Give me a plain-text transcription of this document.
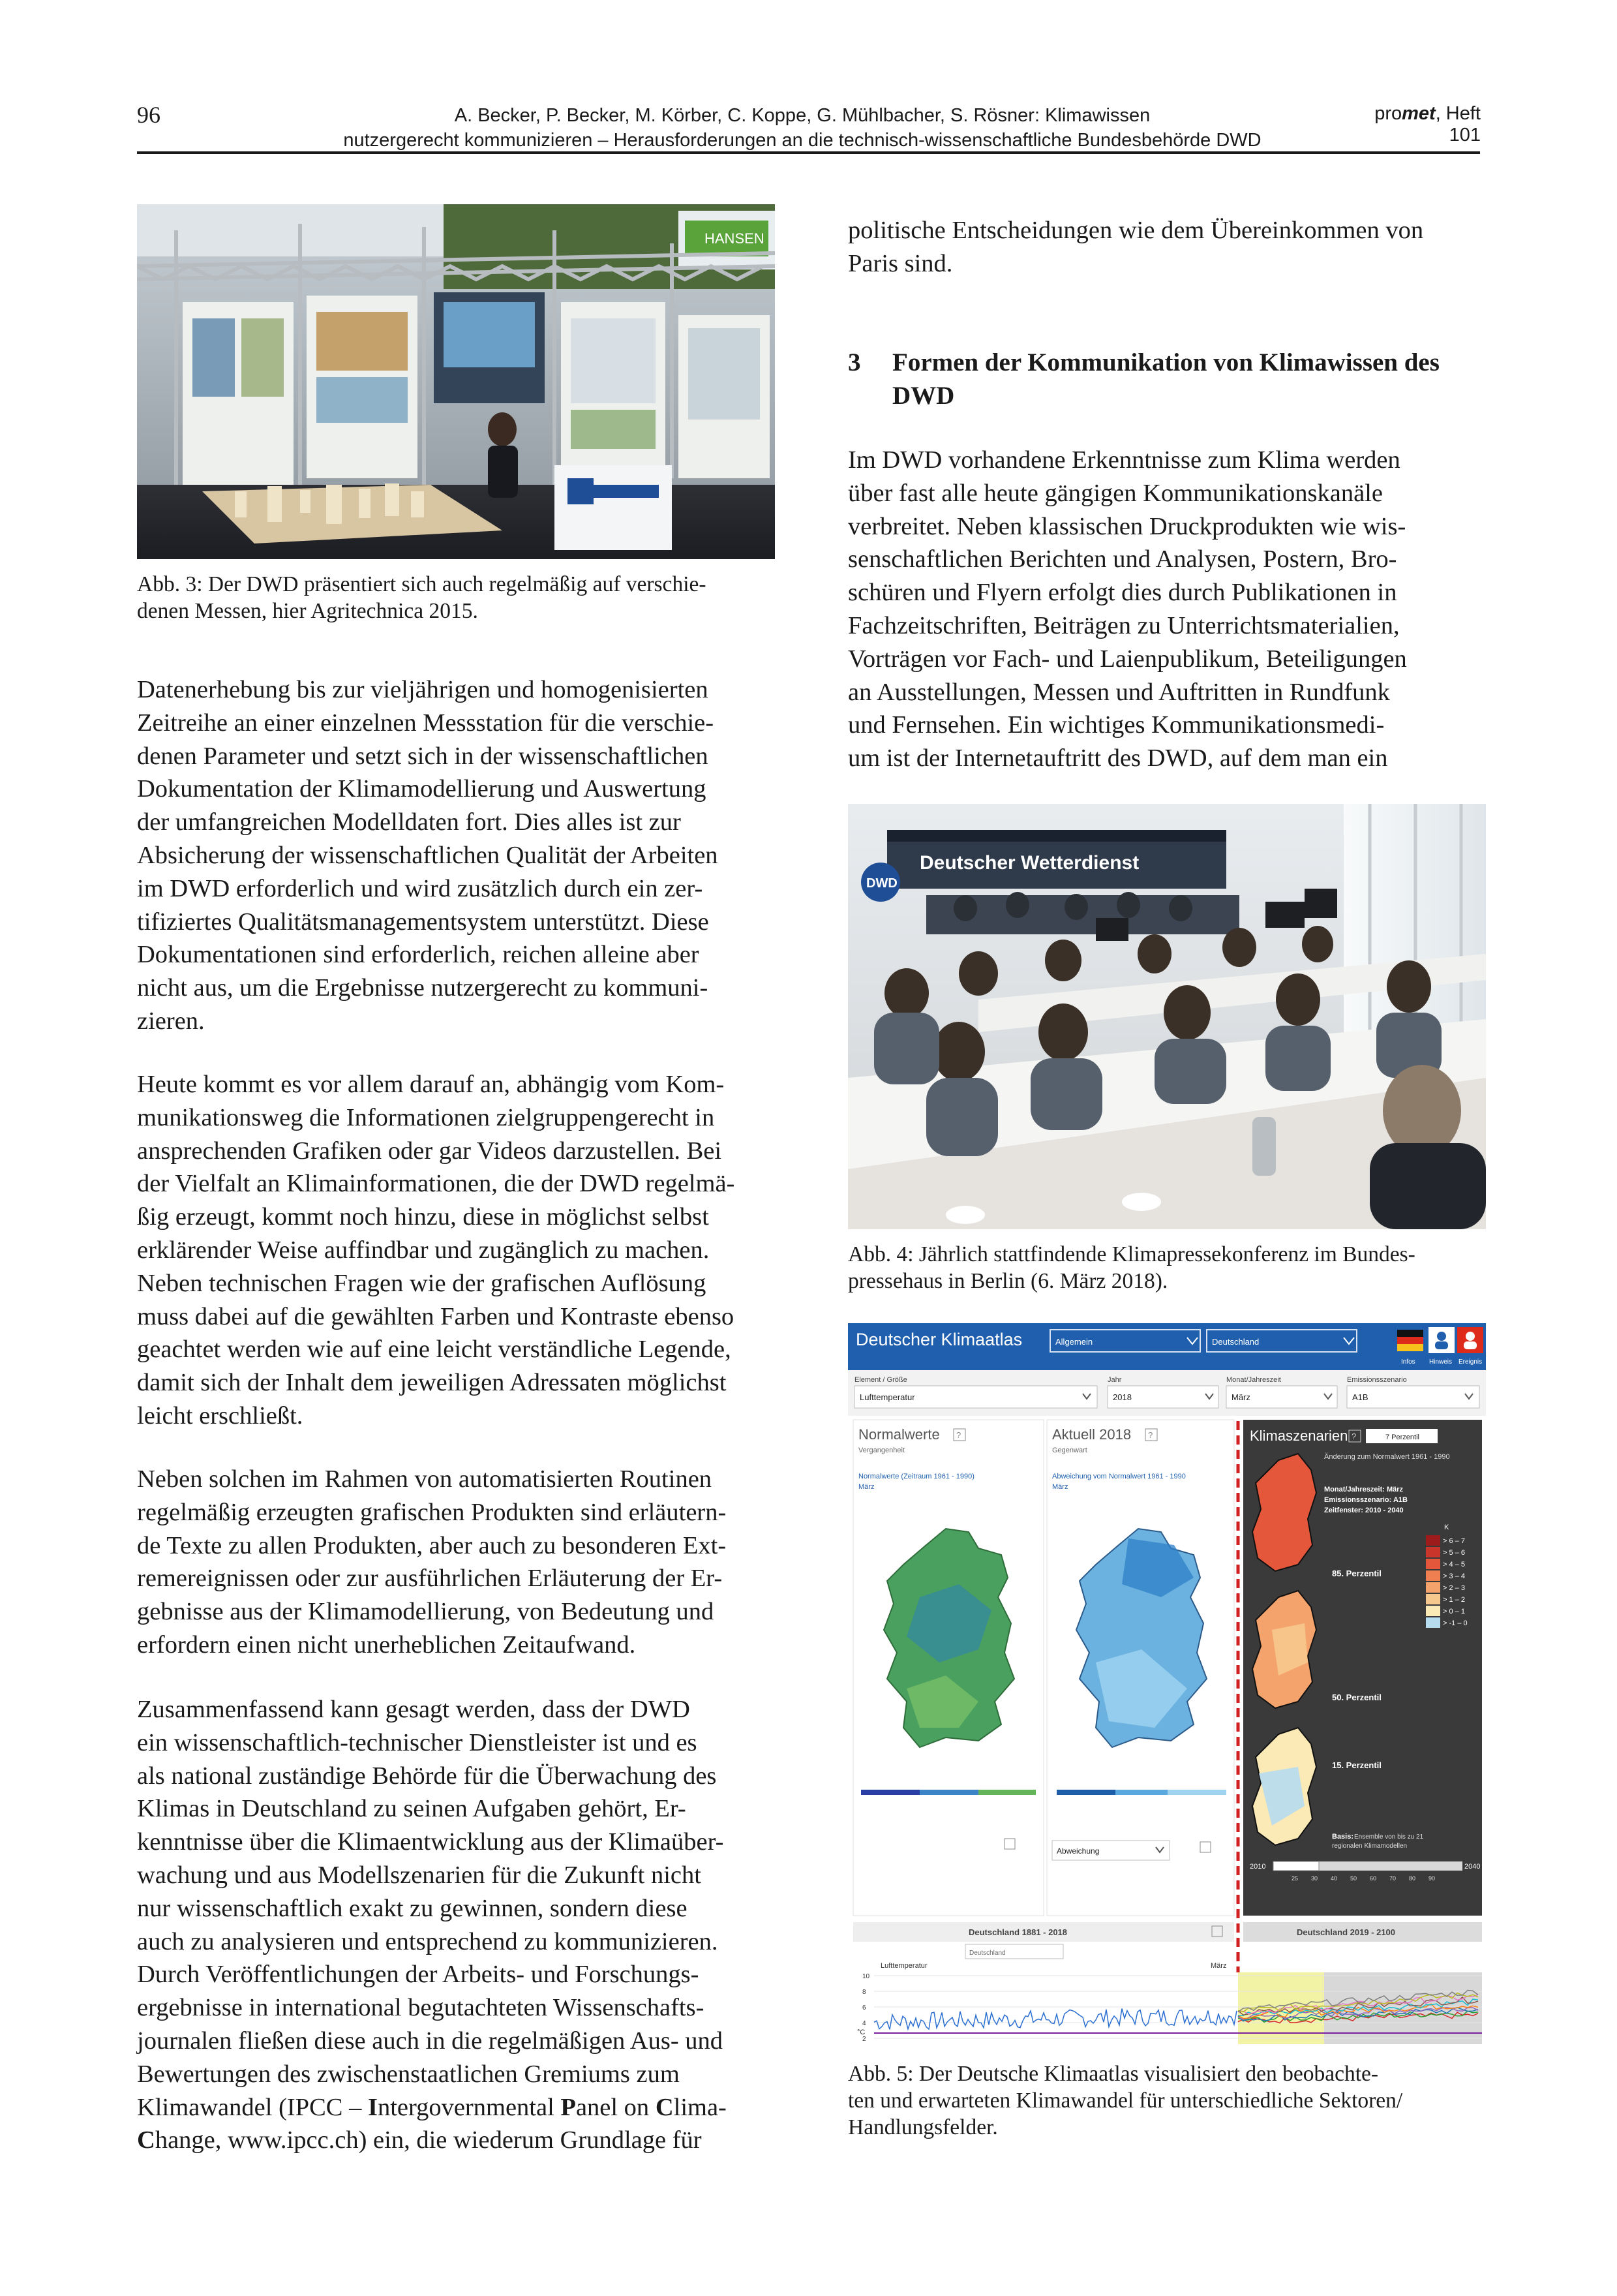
96	A. Becker, P. Becker, M. Körber, C. Koppe, G. Mühlbacher, S. Rösner: Klimawissen
nutzergerecht kommunizieren – Herausforderungen an die technisch-wissenschaftliche Bundesbehörde DWD
promet, Heft 101
HANSEN
Abb. 3: Der DWD präsentiert sich auch regelmäßig auf verschie-
denen Messen, hier Agritechnica 2015.

Datenerhebung bis zur vieljährigen und homogenisierten

Zeitreihe an einer einzelnen Messstation für die verschie-

denen Parameter und setzt sich in der wissenschaftlichen

Dokumentation der Klimamodellierung und Auswertung

der umfangreichen Modelldaten fort. Dies alles ist zur

Absicherung der wissenschaftlichen Qualität der Arbeiten

im DWD erforderlich und wird zusätzlich durch ein zer-

tifiziertes Qualitätsmanagementsystem unterstützt. Diese

Dokumentationen sind erforderlich, reichen alleine aber

nicht aus, um die Ergebnisse nutzergerecht zu kommuni-

zieren.

Heute kommt es vor allem darauf an, abhängig vom Kom-

munikationsweg die Informationen zielgruppengerecht in

ansprechenden Grafiken oder gar Videos darzustellen. Bei

der Vielfalt an Klimainformationen, die der DWD regelmä-

ßig erzeugt, kommt noch hinzu, diese in möglichst selbst

erklärender Weise auffindbar und zugänglich zu machen.

Neben technischen Fragen wie der grafischen Auflösung

muss dabei auf die gewählten Farben und Kontraste ebenso

geachtet werden wie auf eine leicht verständliche Legende,

damit sich der Inhalt dem jeweiligen Adressaten möglichst

leicht erschließt.

Neben solchen im Rahmen von automatisierten Routinen

regelmäßig erzeugten grafischen Produkten sind erläutern-

de Texte zu allen Produkten, aber auch zu besonderen Ext-

remereignissen oder zur ausführlichen Erläuterung der Er-

gebnisse aus der Klimamodellierung, von Bedeutung und

erfordern einen nicht unerheblichen Zeitaufwand.

Zusammenfassend kann gesagt werden, dass der DWD

ein wissenschaftlich-technischer Dienstleister ist und es

als national zuständige Behörde für die Überwachung des

Klimas in Deutschland zu seinen Aufgaben gehört, Er-

kenntnisse über die Klimaentwicklung aus der Klimaüber-

wachung und aus Modellszenarien für die Zukunft nicht

nur wissenschaftlich exakt zu gewinnen, sondern diese

auch zu analysieren und entsprechend zu kommunizieren.

Durch Veröffentlichungen der Arbeits- und Forschungs-

ergebnisse in international begutachteten Wissenschafts-

journalen fließen diese auch in die regelmäßigen Aus- und

Bewertungen des zwischenstaatlichen Gremiums zum

Klimawandel (IPCC – Intergovernmental Panel on Clima-

Change, www.ipcc.ch) ein, die wiederum Grundlage für

politische Entscheidungen wie dem Übereinkommen von

Paris sind.

3 Formen der Kommunikation von Klimawissen des
DWD

Im DWD vorhandene Erkenntnisse zum Klima werden

über fast alle heute gängigen Kommunikationskanäle

verbreitet. Neben klassischen Druckprodukten wie wis-

senschaftlichen Berichten und Analysen, Postern, Bro-

schüren und Flyern erfolgt dies durch Publikationen in

Fachzeitschriften, Beiträgen zu Unterrichtsmaterialien,

Vorträgen vor Fach- und Laienpublikum, Beteiligungen

an Ausstellungen, Messen und Auftritten in Rundfunk

und Fernsehen. Ein wichtiges Kommunikationsmedi-

um ist der Internetauftritt des DWD, auf dem man ein

Deutscher Wetterdienst
DWD
Abb. 4: Jährlich stattfindende Klimapressekonferenz im Bundes-
pressehaus in Berlin (6. März 2018).
Deutscher Klimaatlas	Allgemein	Deutschland
Infos Hinweis Ereignis
Element / Größe	Jahr	Monat/Jahreszeit	Emissionsszenario
Lufttemperatur	2018	März	A1B
Normalwerte ?
Vergangenheit
Normalwerte (Zeitraum 1961 - 1990)
März
Aktuell 2018 ?
Gegenwart
Abweichung vom Normalwert 1961 - 1990
März
Abweichung
Klimaszenarien ?	7 Perzentil
Änderung zum Normalwert 1961 - 1990
Monat/Jahreszeit: März
Emissionsszenario: A1B
Zeitfenster: 2010 - 2040
85. Perzentil
50. Perzentil
15. Perzentil
K
> 6 – 7
> 5 – 6
> 4 – 5
> 3 – 4
> 2 – 3
> 1 – 2
> 0 – 1
> -1 – 0
Basis: Ensemble von bis zu 21
regionalen Klimamodellen
2010	2040
25 30 40 50 60 70 80 90
Deutschland 1881 - 2018	Deutschland 2019 - 2100
Deutschland
Lufttemperatur	März
°C
10
8
6
4
2
Abb. 5: Der Deutsche Klimaatlas visualisiert den beobachte-
ten und erwarteten Klimawandel für unterschiedliche Sektoren/
Handlungsfelder.
